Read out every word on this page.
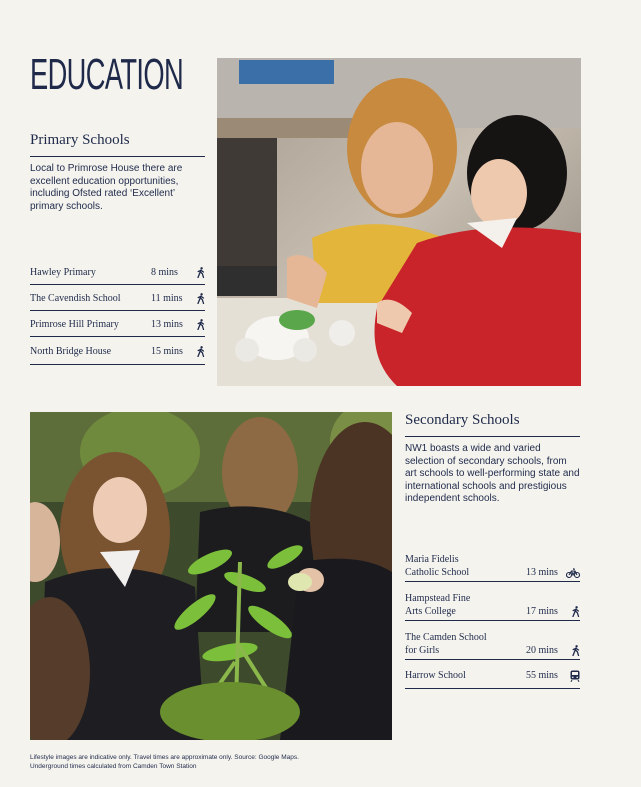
EDUCATION
Primary Schools
Local to Primrose House there are excellent education opportunities, including Ofsted rated ‘Excellent’ primary schools.
Hawley Primary	8 mins
The Cavendish School	11 mins
Primrose Hill Primary	13 mins
North Bridge House	15 mins
Secondary Schools
NW1 boasts a wide and varied selection of secondary schools, from art schools to well-performing state and international schools and prestigious independent schools.
Maria Fidelis
Catholic School	13 mins
Hampstead Fine
Arts College	17 mins
The Camden School
for Girls	20 mins
Harrow School	55 mins
Lifestyle images are indicative only. Travel times are approximate only. Source: Google Maps.
Underground times calculated from Camden Town Station
